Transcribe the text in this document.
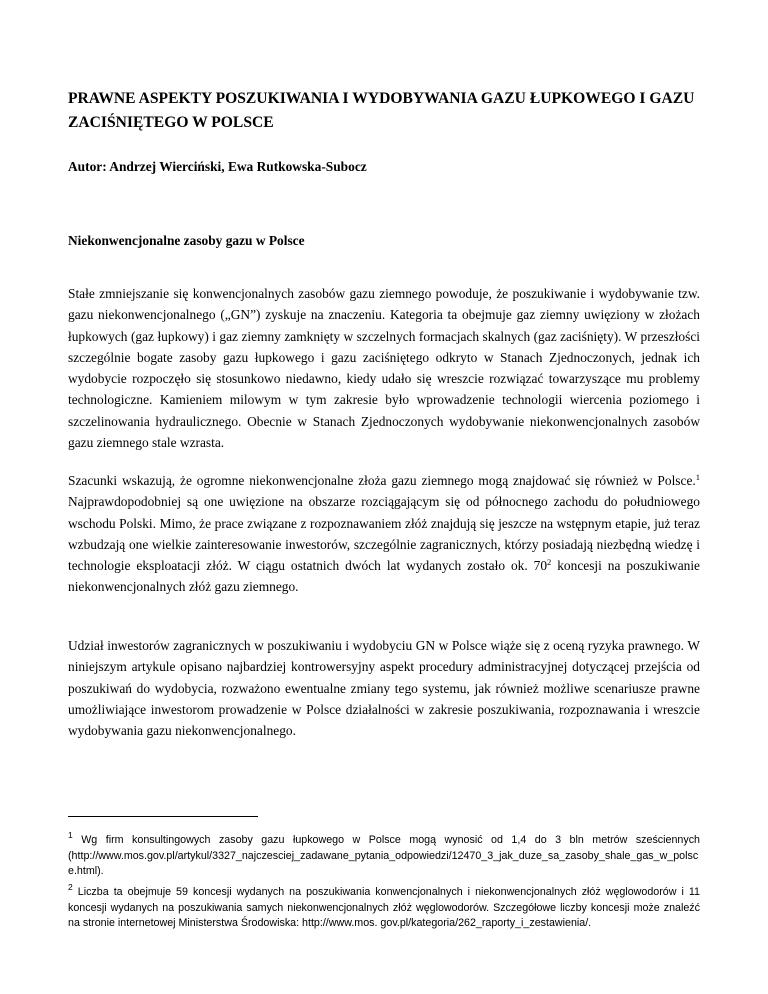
PRAWNE ASPEKTY POSZUKIWANIA I WYDOBYWANIA GAZU ŁUPKOWEGO I GAZU ZACIŚNIĘTEGO W POLSCE

Autor: Andrzej Wierciński, Ewa Rutkowska-Subocz

Niekonwencjonalne zasoby gazu w Polsce

Stałe zmniejszanie się konwencjonalnych zasobów gazu ziemnego powoduje, że poszukiwanie i wydobywanie tzw. gazu niekonwencjonalnego („GN”) zyskuje na znaczeniu. Kategoria ta obejmuje gaz ziemny uwięziony w złożach łupkowych (gaz łupkowy) i gaz ziemny zamknięty w szczelnych formacjach skalnych (gaz zaciśnięty). W przeszłości szczególnie bogate zasoby gazu łupkowego i gazu zaciśniętego odkryto w Stanach Zjednoczonych, jednak ich wydobycie rozpoczęło się stosunkowo niedawno, kiedy udało się wreszcie rozwiązać towarzyszące mu problemy technologiczne. Kamieniem milowym w tym zakresie było wprowadzenie technologii wiercenia poziomego i szczelinowania hydraulicznego. Obecnie w Stanach Zjednoczonych wydobywanie niekonwencjonalnych zasobów gazu ziemnego stale wzrasta.

Szacunki wskazują, że ogromne niekonwencjonalne złoża gazu ziemnego mogą znajdować się również w Polsce.$^1$ Najprawdopodobniej są one uwięzione na obszarze rozciągającym się od północnego zachodu do południowego wschodu Polski. Mimo, że prace związane z rozpoznawaniem złóż znajdują się jeszcze na wstępnym etapie, już teraz wzbudzają one wielkie zainteresowanie inwestorów, szczególnie zagranicznych, którzy posiadają niezbędną wiedzę i technologie eksploatacji złóż. W ciągu ostatnich dwóch lat wydanych zostało ok. $70^2$ koncesji na poszukiwanie niekonwencjonalnych złóż gazu ziemnego.

Udział inwestorów zagranicznych w poszukiwaniu i wydobyciu GN w Polsce wiąże się z oceną ryzyka prawnego. W niniejszym artykule opisano najbardziej kontrowersyjny aspekt procedury administracyjnej dotyczącej przejścia od poszukiwań do wydobycia, rozważono ewentualne zmiany tego systemu, jak również możliwe scenariusze prawne umożliwiające inwestorom prowadzenie w Polsce działalności w zakresie poszukiwania, rozpoznawania i wreszcie wydobywania gazu niekonwencjonalnego.

$^1$ Wg firm konsultingowych zasoby gazu łupkowego w Polsce mogą wynosić od 1,4 do 3 bln metrów sześciennych (http://www.mos.gov.pl/artykul/3327_najczesciej_zadawane_pytania_odpowiedzi/12470_3_jak_duze_sa_zasoby_shale_gas_w_polsce.html).

$^2$ Liczba ta obejmuje 59 koncesji wydanych na poszukiwania konwencjonalnych i niekonwencjonalnych złóż węglowodorów i 11 koncesji wydanych na poszukiwania samych niekonwencjonalnych złóż węglowodorów. Szczegółowe liczby koncesji może znaleźć na stronie internetowej Ministerstwa Środowiska: http://www.mos. gov.pl/kategoria/262_raporty_i_zestawienia/.
